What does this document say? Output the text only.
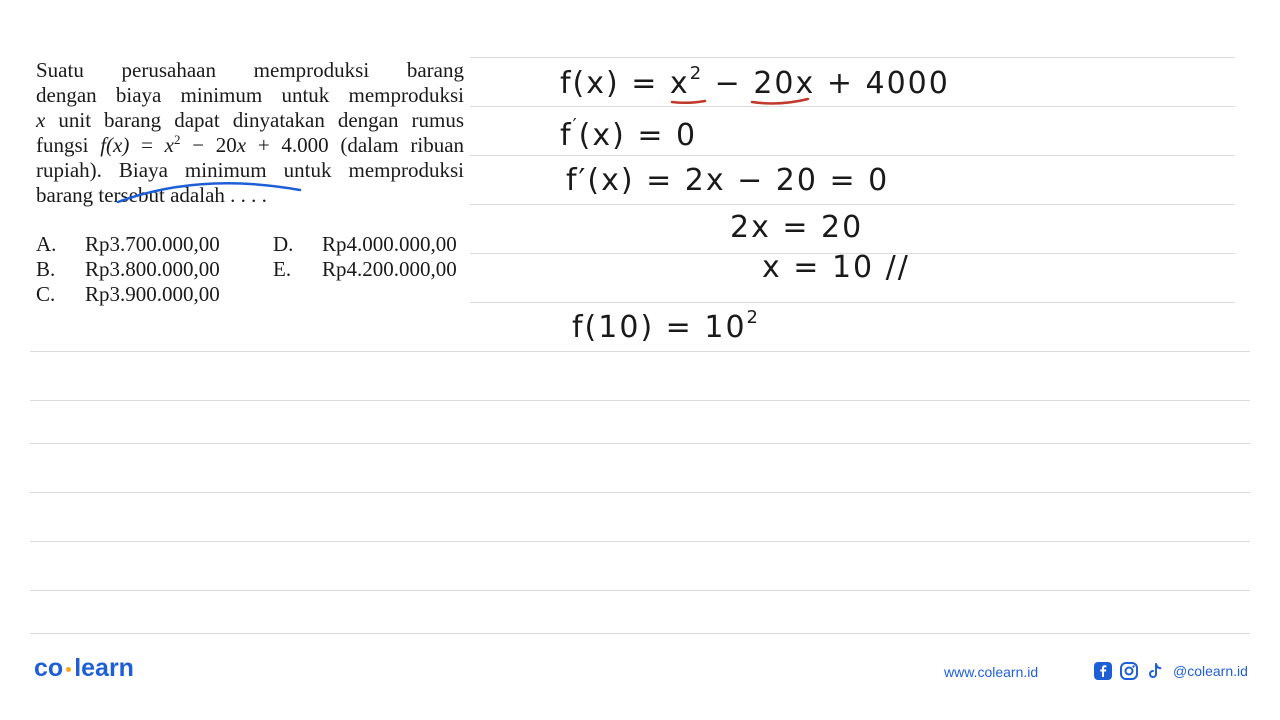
Suatu perusahaan memproduksi barang

dengan biaya minimum untuk memproduksi

x unit barang dapat dinyatakan dengan rumus

fungsi $f(x) = x^2 - 20x + 4.000$ (dalam ribuan

rupiah). Biaya minimum untuk memproduksi

barang tersebut adalah . . . .

A.	Rp3.700.000,00	D.	Rp4.000.000,00
B.	Rp3.800.000,00	E.	Rp4.200.000,00
C.	Rp3.900.000,00
$f(x) = x^2 - 20x + 4000$
f′(x) = 0
f′(x) = 2x − 20 = 0
2x = 20
x = 10 //
$f(10) = 10^2$
co learn	www.colearn.id	@colearn.id
